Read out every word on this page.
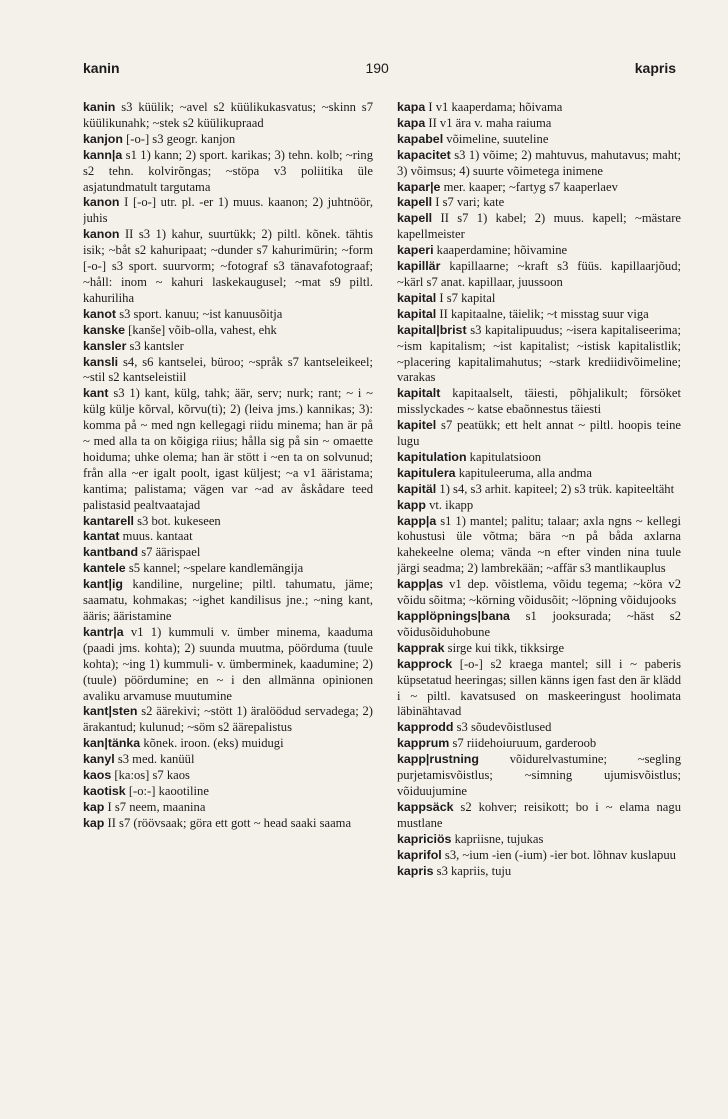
kanin	190	kapris

kanin s3 küülik; ~avel s2 küülikukasvatus; ~skinn s7 küülikunahk; ~stek s2 küülikupraad

kanjon [-o-] s3 geogr. kanjon

kann|a s1 1) kann; 2) sport. karikas; 3) tehn. kolb; ~ring s2 tehn. kolvirõngas; ~stöpa v3 poliitika üle asjatundmatult targutama

kanon I [-o-] utr. pl. -er 1) muus. kaanon; 2) juhtnöör, juhis

kanon II s3 1) kahur, suurtükk; 2) piltl. kõnek. tähtis isik; ~båt s2 kahuripaat; ~dunder s7 kahurimürin; ~form [-o-] s3 sport. suurvorm; ~fotograf s3 tänavafotograaf; ~håll: inom ~ kahuri laskekaugusel; ~mat s9 piltl. kahuriliha

kanot s3 sport. kanuu; ~ist kanuusõitja

kanske [kanše] võib-olla, vahest, ehk

kansler s3 kantsler

kansli s4, s6 kantselei, büroo; ~språk s7 kantseleikeel; ~stil s2 kantseleistiil

kant s3 1) kant, külg, tahk; äär, serv; nurk; rant; ~ i ~ külg külje kõrval, kõrvu(ti); 2) (leiva jms.) kannikas; 3): komma på ~ med ngn kellegagi riidu minema; han är på ~ med alla ta on kõigiga riius; hålla sig på sin ~ omaette hoiduma; uhke olema; han är stött i ~en ta on solvunud; från alla ~er igalt poolt, igast küljest; ~a v1 ääristama; kantima; palistama; vägen var ~ad av åskådare teed palistasid pealtvaatajad

kantarell s3 bot. kukeseen

kantat muus. kantaat

kantband s7 äärispael

kantele s5 kannel; ~spelare kandlemängija

kant|ig kandiline, nurgeline; piltl. tahumatu, jäme; saamatu, kohmakas; ~ighet kandilisus jne.; ~ning kant, ääris; ääristamine

kantr|a v1 1) kummuli v. ümber minema, kaaduma (paadi jms. kohta); 2) suunda muutma, pöörduma (tuule kohta); ~ing 1) kummuli- v. ümberminek, kaadumine; 2) (tuule) pöördumine; en ~ i den allmänna opinionen avaliku arvamuse muutumine

kant|sten s2 äärekivi; ~stött 1) äralöödud servadega; 2) ärakantud; kulunud; ~söm s2 äärepalistus

kan|tänka kõnek. iroon. (eks) muidugi

kanyl s3 med. kanüül

kaos [ka:os] s7 kaos

kaotisk [-o:-] kaootiline

kap I s7 neem, maanina

kap II s7 (röövsaak; göra ett gott ~ head saaki saama

kapa I v1 kaaperdama; hõivama

kapa II v1 ära v. maha raiuma

kapabel võimeline, suuteline

kapacitet s3 1) võime; 2) mahtuvus, mahutavus; maht; 3) võimsus; 4) suurte võimetega inimene

kapar|e mer. kaaper; ~fartyg s7 kaaperlaev

kapell I s7 vari; kate

kapell II s7 1) kabel; 2) muus. kapell; ~mästare kapellmeister

kaperi kaaperdamine; hõivamine

kapillär kapillaarne; ~kraft s3 füüs. kapillaarjõud; ~kärl s7 anat. kapillaar, juussoon

kapital I s7 kapital

kapital II kapitaalne, täielik; ~t misstag suur viga

kapital|brist s3 kapitalipuudus; ~isera kapitaliseerima; ~ism kapitalism; ~ist kapitalist; ~istisk kapitalistlik; ~placering kapitalimahutus; ~stark krediidivõimeline; varakas

kapitalt kapitaalselt, täiesti, põhjalikult; försöket misslyckades ~ katse ebaõnnestus täiesti

kapitel s7 peatükk; ett helt annat ~ piltl. hoopis teine lugu

kapitulation kapitulatsioon

kapitulera kapituleeruma, alla andma

kapitäl 1) s4, s3 arhit. kapiteel; 2) s3 trük. kapiteeltäht

kapp vt. ikapp

kapp|a s1 1) mantel; palitu; talaar; axla ngns ~ kellegi kohustusi üle võtma; bära ~n på båda axlarna kahekeelne olema; vända ~n efter vinden nina tuule järgi seadma; 2) lambrekään; ~affär s3 mantlikauplus

kapp|as v1 dep. võistlema, võidu tegema; ~köra v2 võidu sõitma; ~körning võidusõit; ~löpning võidujooks

kapplöpnings|bana s1 jooksurada; ~häst s2 võidusõiduhobune

kapprak sirge kui tikk, tikksirge

kapprock [-o-] s2 kraega mantel; sill i ~ paberis küpsetatud heeringas; sillen känns igen fast den är klädd i ~ piltl. kavatsused on maskeeringust hoolimata läbinähtavad

kapprodd s3 sõudevõistlused

kapprum s7 riidehoiuruum, garderoob

kapp|rustning võidurelvastumine; ~segling purjetamisvõistlus; ~simning ujumisvõistlus; võiduujumine

kappsäck s2 kohver; reisikott; bo i ~ elama nagu mustlane

kapriciös kapriisne, tujukas

kaprifol s3, ~ium -ien (-ium) -ier bot. lõhnav kuslapuu

kapris s3 kapriis, tuju
